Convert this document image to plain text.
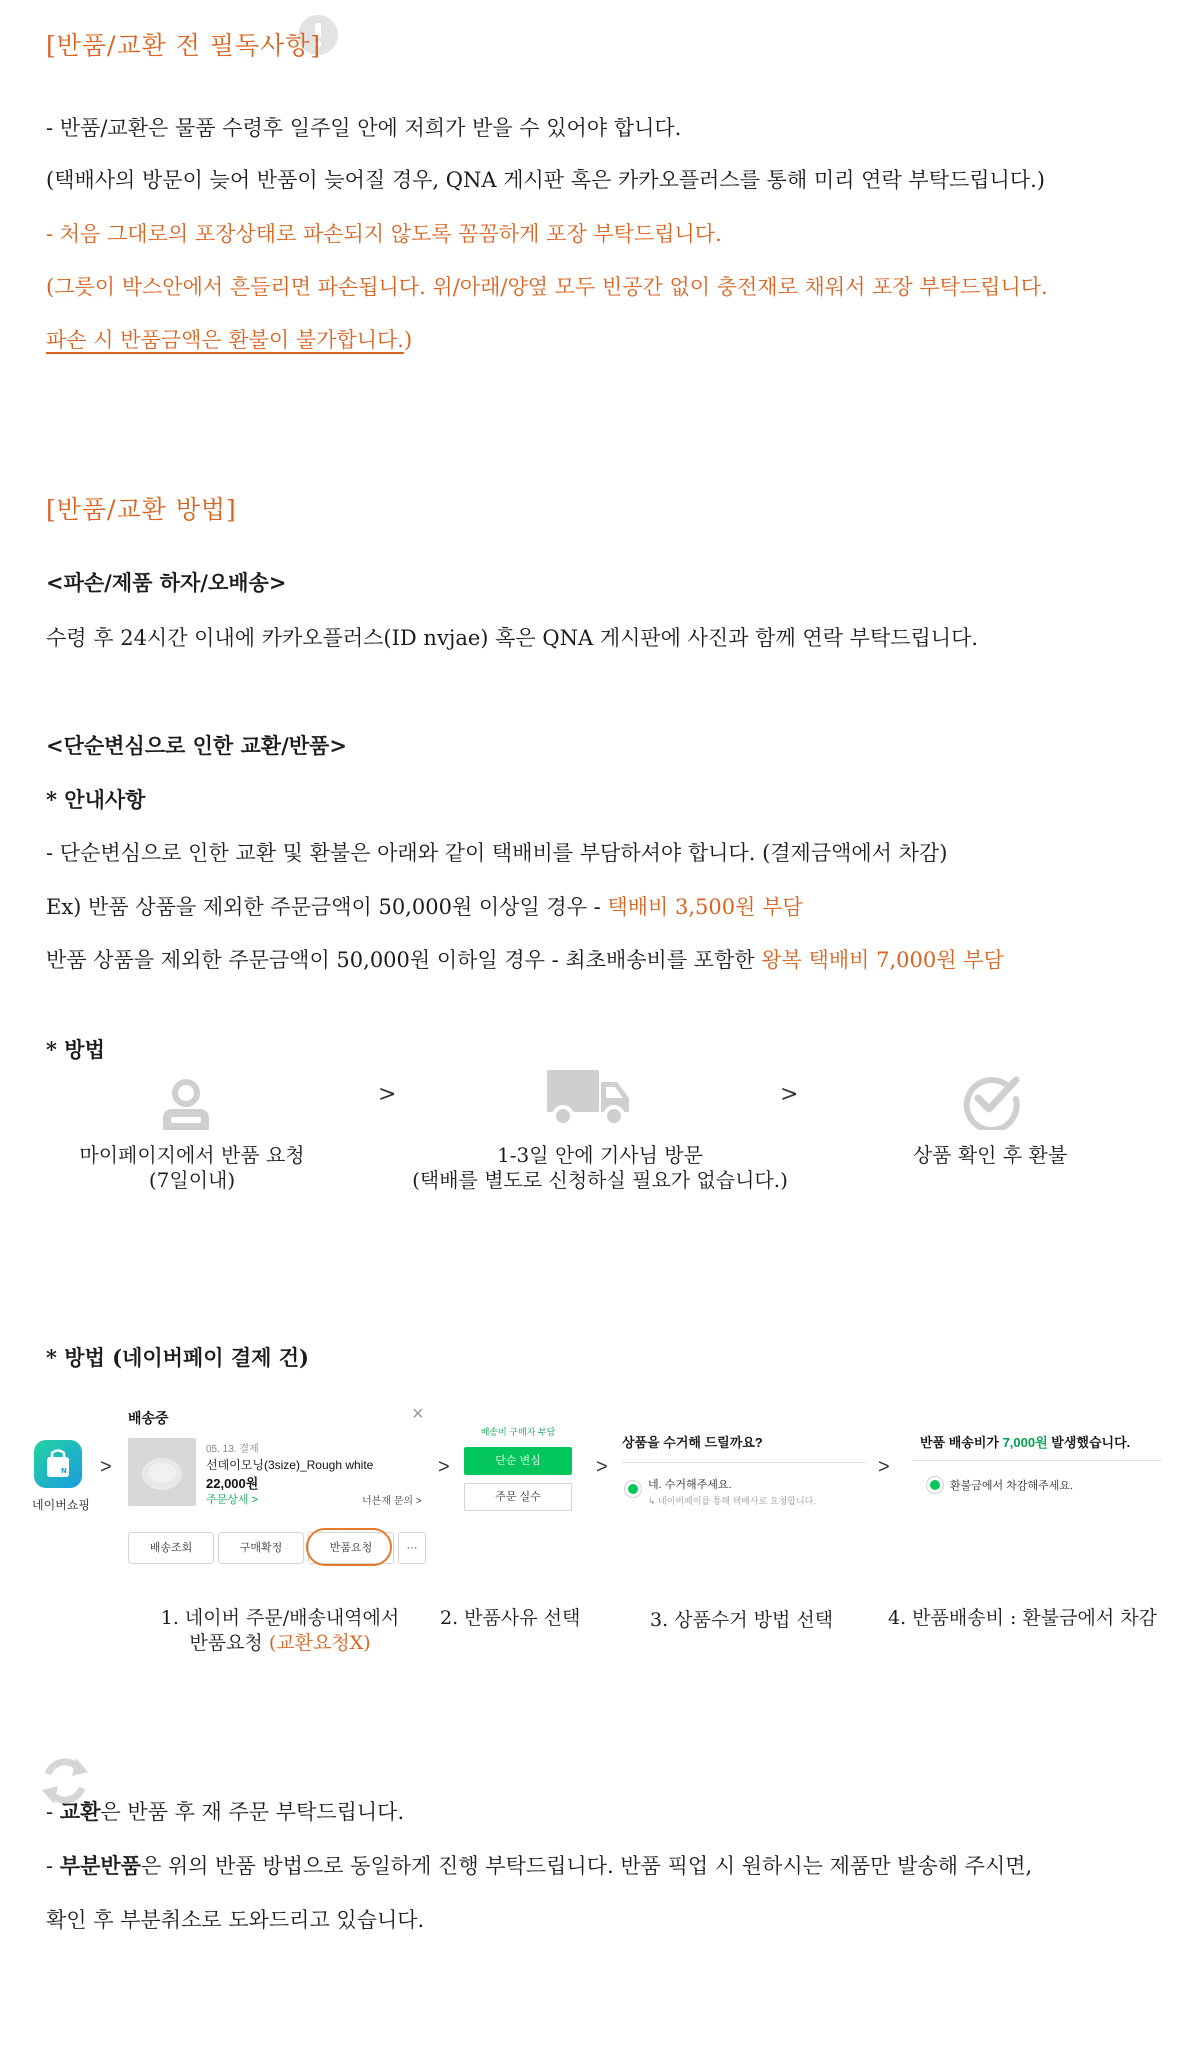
[반품/교환 전 필독사항]
- 반품/교환은 물품 수령후 일주일 안에 저희가 받을 수 있어야 합니다.
(택배사의 방문이 늦어 반품이 늦어질 경우, QNA 게시판 혹은 카카오플러스를 통해 미리 연락 부탁드립니다.)
- 처음 그대로의 포장상태로 파손되지 않도록 꼼꼼하게 포장 부탁드립니다.
(그릇이 박스안에서 흔들리면 파손됩니다. 위/아래/양옆 모두 빈공간 없이 충전재로 채워서 포장 부탁드립니다.
파손 시 반품금액은 환불이 불가합니다.)
[반품/교환 방법]
<파손/제품 하자/오배송>
수령 후 24시간 이내에 카카오플러스(ID nvjae) 혹은 QNA 게시판에 사진과 함께 연락 부탁드립니다.
<단순변심으로 인한 교환/반품>
* 안내사항
- 단순변심으로 인한 교환 및 환불은 아래와 같이 택배비를 부담하셔야 합니다. (결제금액에서 차감)
Ex) 반품 상품을 제외한 주문금액이 50,000원 이상일 경우 - 택배비 3,500원 부담
반품 상품을 제외한 주문금액이 50,000원 이하일 경우 - 최초배송비를 포함한 왕복 택배비 7,000원 부담
* 방법
>	>
마이페이지에서 반품 요청
(7일이내)
1-3일 안에 기사님 방문
(택배를 별도로 신청하실 필요가 없습니다.)
상품 확인 후 환불
* 방법 (네이버페이 결제 건)
N
네이버쇼핑
>
배송중	×
05. 13. 결제
선데이모닝(3size)_Rough white
22,000원
주문상세 >	너븐재 문의 >
배송조회	구매확정	반품요청	···
>
배송비 구매자 부담
단순 변심
주문 실수
>
상품을 수거해 드릴까요?
네. 수거해주세요.
↳ 네이버페이를 통해 택배사로 요청합니다.
>
반품 배송비가 7,000원 발생했습니다.
환불금에서 차감해주세요.
1. 네이버 주문/배송내역에서
반품요청 (교환요청X)
2. 반품사유 선택	3. 상품수거 방법 선택	4. 반품배송비 : 환불금에서 차감
- 교환은 반품 후 재 주문 부탁드립니다.
- 부분반품은 위의 반품 방법으로 동일하게 진행 부탁드립니다. 반품 픽업 시 원하시는 제품만 발송해 주시면,
확인 후 부분취소로 도와드리고 있습니다.
